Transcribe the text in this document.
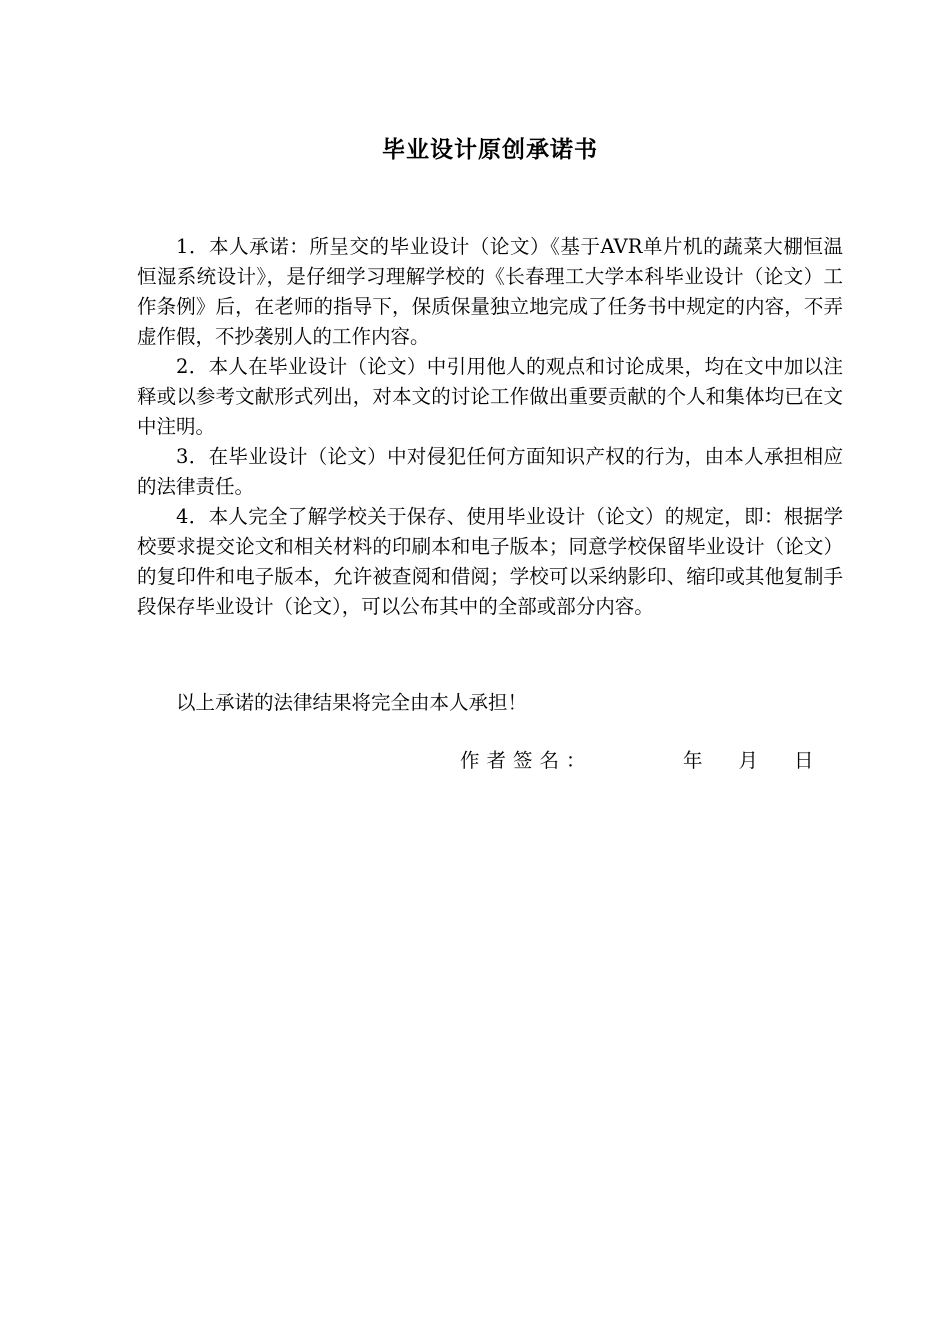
毕业设计原创承诺书

1．本人承诺：所呈交的毕业设计（论文）《基于AVR单片机的蔬菜大棚恒温恒湿系统设计》，是仔细学习理解学校的《长春理工大学本科毕业设计（论文）工作条例》后，在老师的指导下，保质保量独立地完成了任务书中规定的内容，不弄虚作假，不抄袭别人的工作内容。

2．本人在毕业设计（论文）中引用他人的观点和讨论成果，均在文中加以注释或以参考文献形式列出，对本文的讨论工作做出重要贡献的个人和集体均已在文中注明。

3．在毕业设计（论文）中对侵犯任何方面知识产权的行为，由本人承担相应的法律责任。

4．本人完全了解学校关于保存、使用毕业设计（论文）的规定，即：根据学校要求提交论文和相关材料的印刷本和电子版本；同意学校保留毕业设计（论文）的复印件和电子版本，允许被查阅和借阅；学校可以采纳影印、缩印或其他复制手段保存毕业设计（论文），可以公布其中的全部或部分内容。

以上承诺的法律结果将完全由本人承担！

作者签名：	年 月 日
